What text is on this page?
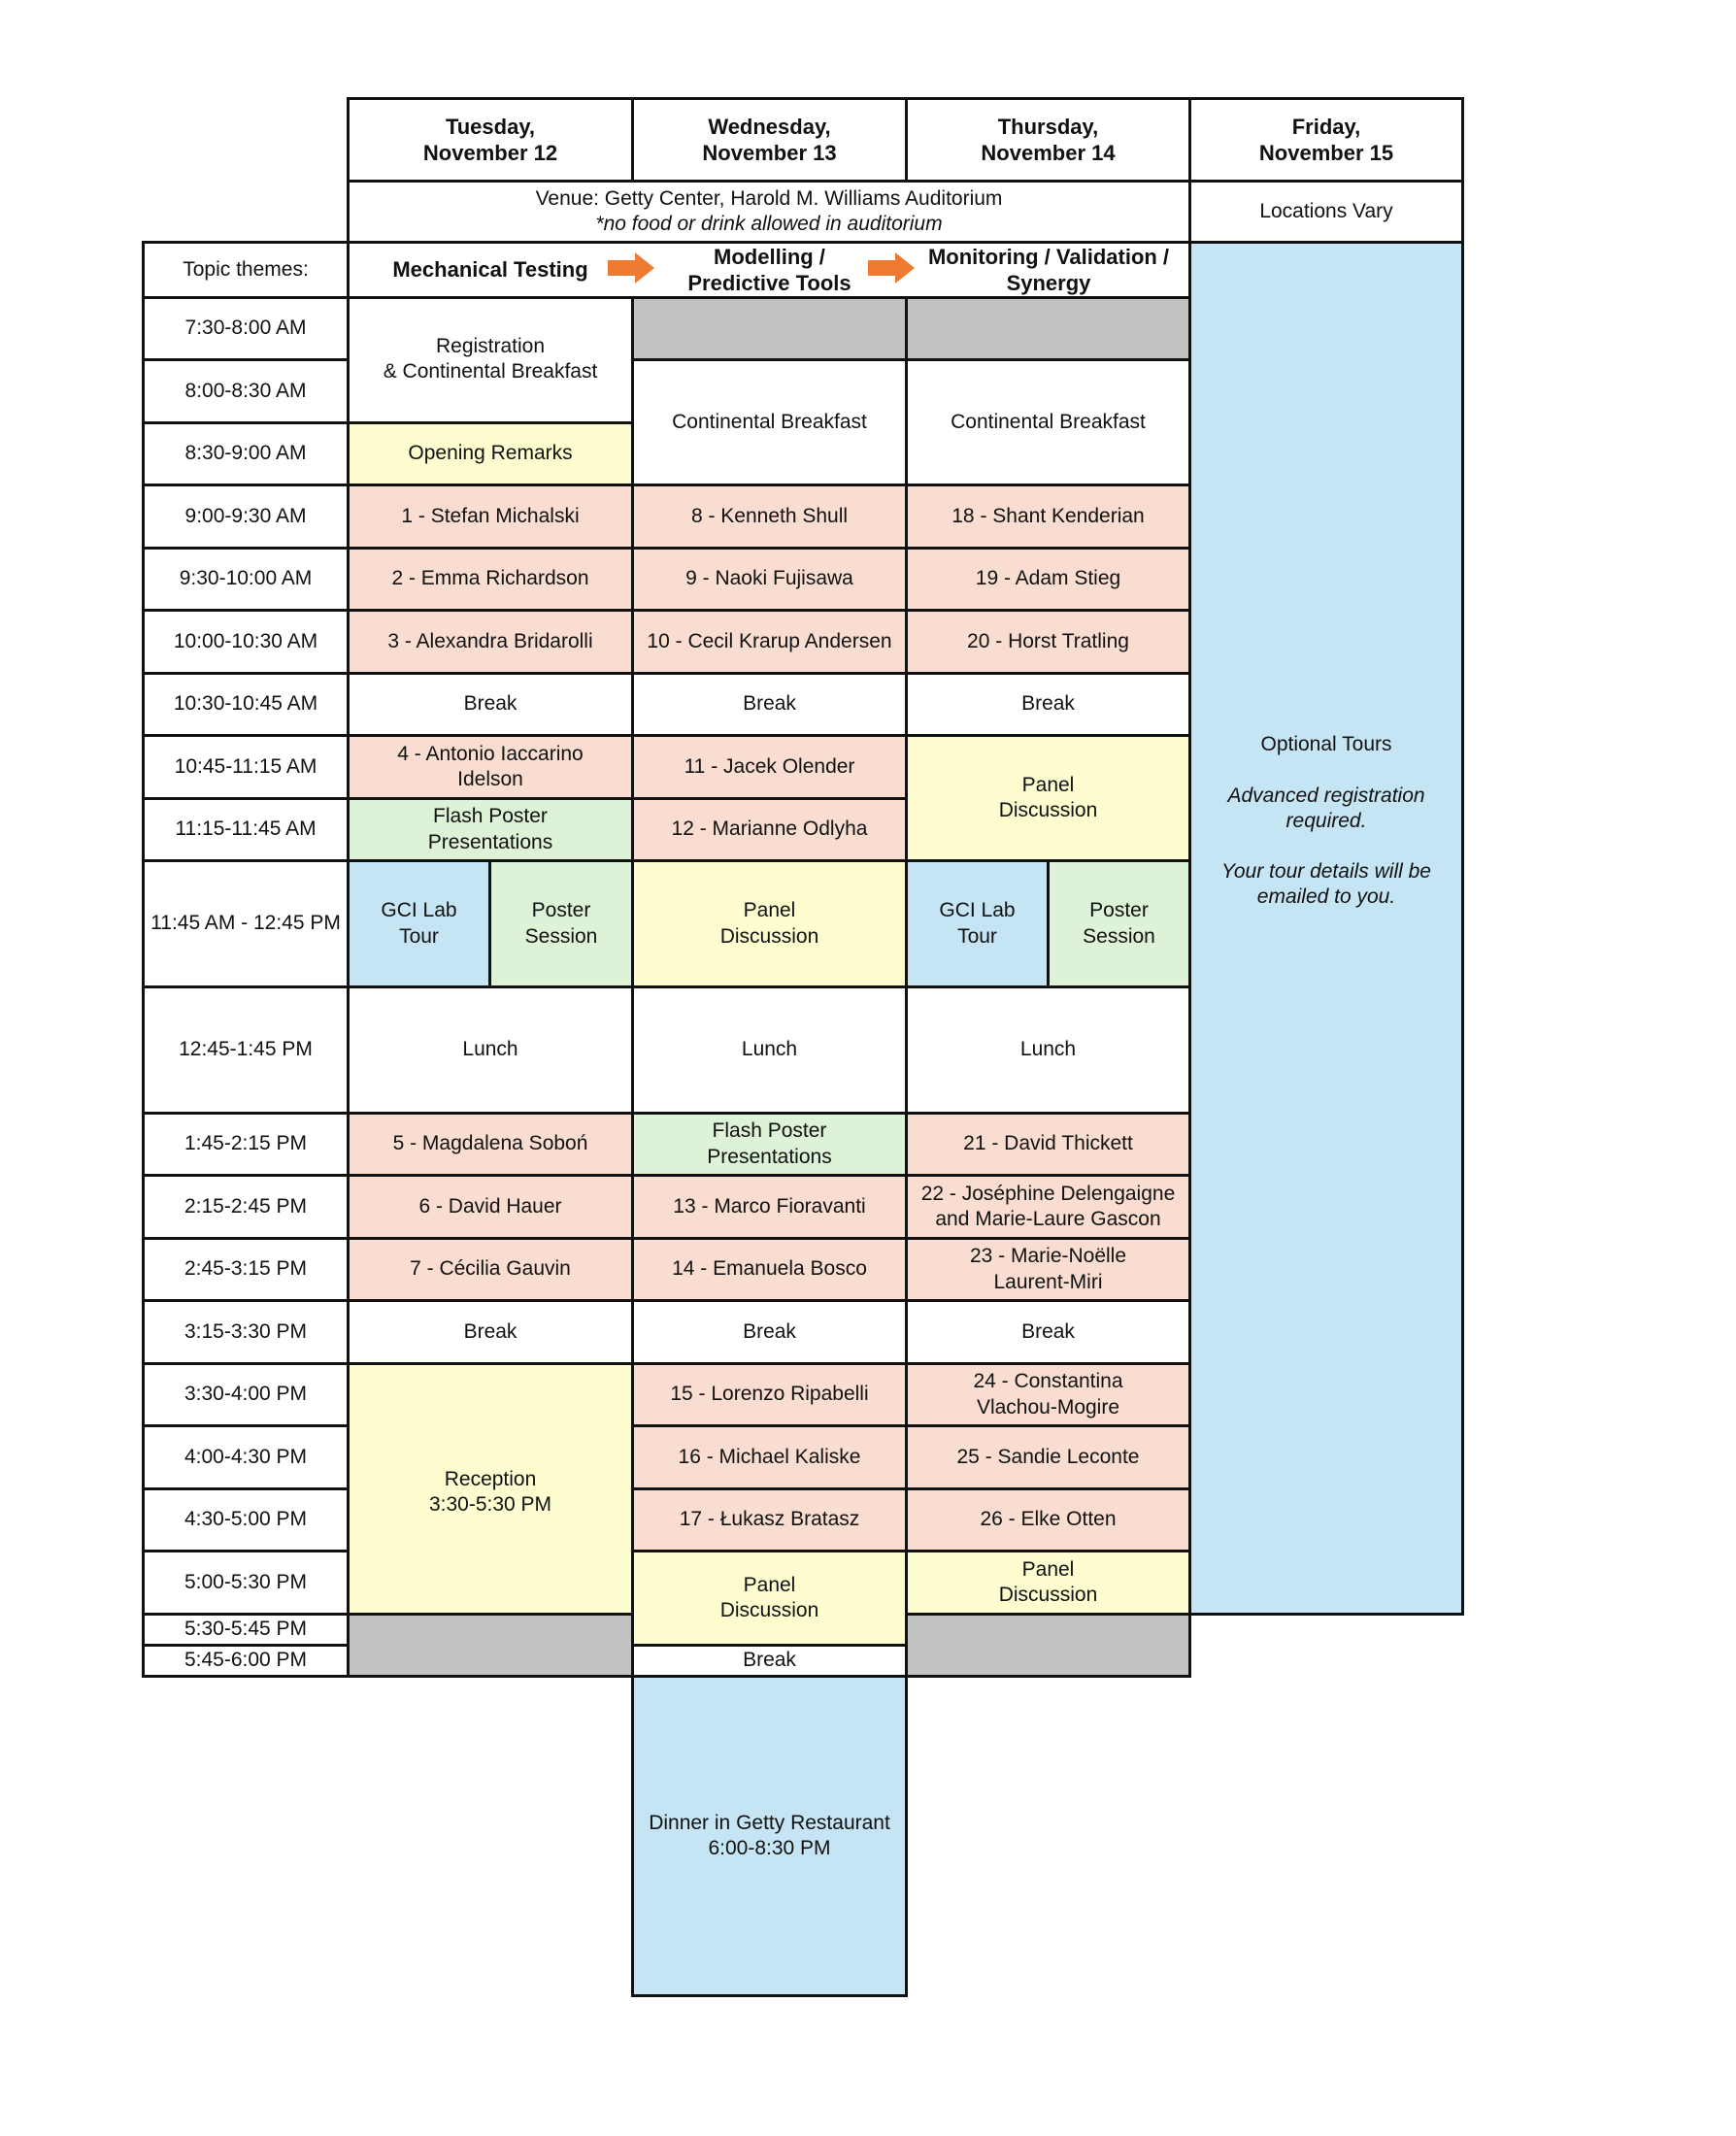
Tuesday,
November 12
Wednesday,
November 13
Thursday,
November 14
Friday,
November 15
Venue: Getty Center, Harold M. Williams Auditorium
*no food or drink allowed in auditorium
Locations Vary
Topic themes:	Mechanical Testing
Modelling /
Predictive Tools
Monitoring / Validation /
Synergy
7:30-8:00 AM
8:00-8:30 AM
8:30-9:00 AM
9:00-9:30 AM
9:30-10:00 AM
10:00-10:30 AM
10:30-10:45 AM
10:45-11:15 AM
11:15-11:45 AM
11:45 AM - 12:45 PM
12:45-1:45 PM
1:45-2:15 PM
2:15-2:45 PM
2:45-3:15 PM
3:15-3:30 PM
3:30-4:00 PM
4:00-4:30 PM
4:30-5:00 PM
5:00-5:30 PM
5:30-5:45 PM
5:45-6:00 PM
Registration
& Continental Breakfast
Opening Remarks
1 - Stefan Michalski
2 - Emma Richardson
3 - Alexandra Bridarolli
Break
4 - Antonio Iaccarino
Idelson
Flash Poster
Presentations
GCI Lab
Tour
Poster
Session
Lunch
5 - Magdalena Soboń
6 - David Hauer
7 - Cécilia Gauvin
Break
Reception
3:30-5:30 PM
Continental Breakfast
8 - Kenneth Shull
9 - Naoki Fujisawa
10 - Cecil Krarup Andersen
Break
11 - Jacek Olender
12 - Marianne Odlyha
Panel
Discussion
Lunch
Flash Poster
Presentations
13 - Marco Fioravanti
14 - Emanuela Bosco
Break
15 - Lorenzo Ripabelli
16 - Michael Kaliske
17 - Łukasz Bratasz
Panel
Discussion
Break
Dinner in Getty Restaurant
6:00-8:30 PM
Continental Breakfast
18 - Shant Kenderian
19 - Adam Stieg
20 - Horst Tratling
Break
Panel
Discussion
GCI Lab
Tour
Poster
Session
Lunch
21 - David Thickett
22 - Joséphine Delengaigne
and Marie-Laure Gascon
23 - Marie-Noëlle
Laurent-Miri
Break
24 - Constantina
Vlachou-Mogire
25 - Sandie Leconte
26 - Elke Otten
Panel
Discussion
Optional Tours
Advanced registration
required.
Your tour details will be
emailed to you.
